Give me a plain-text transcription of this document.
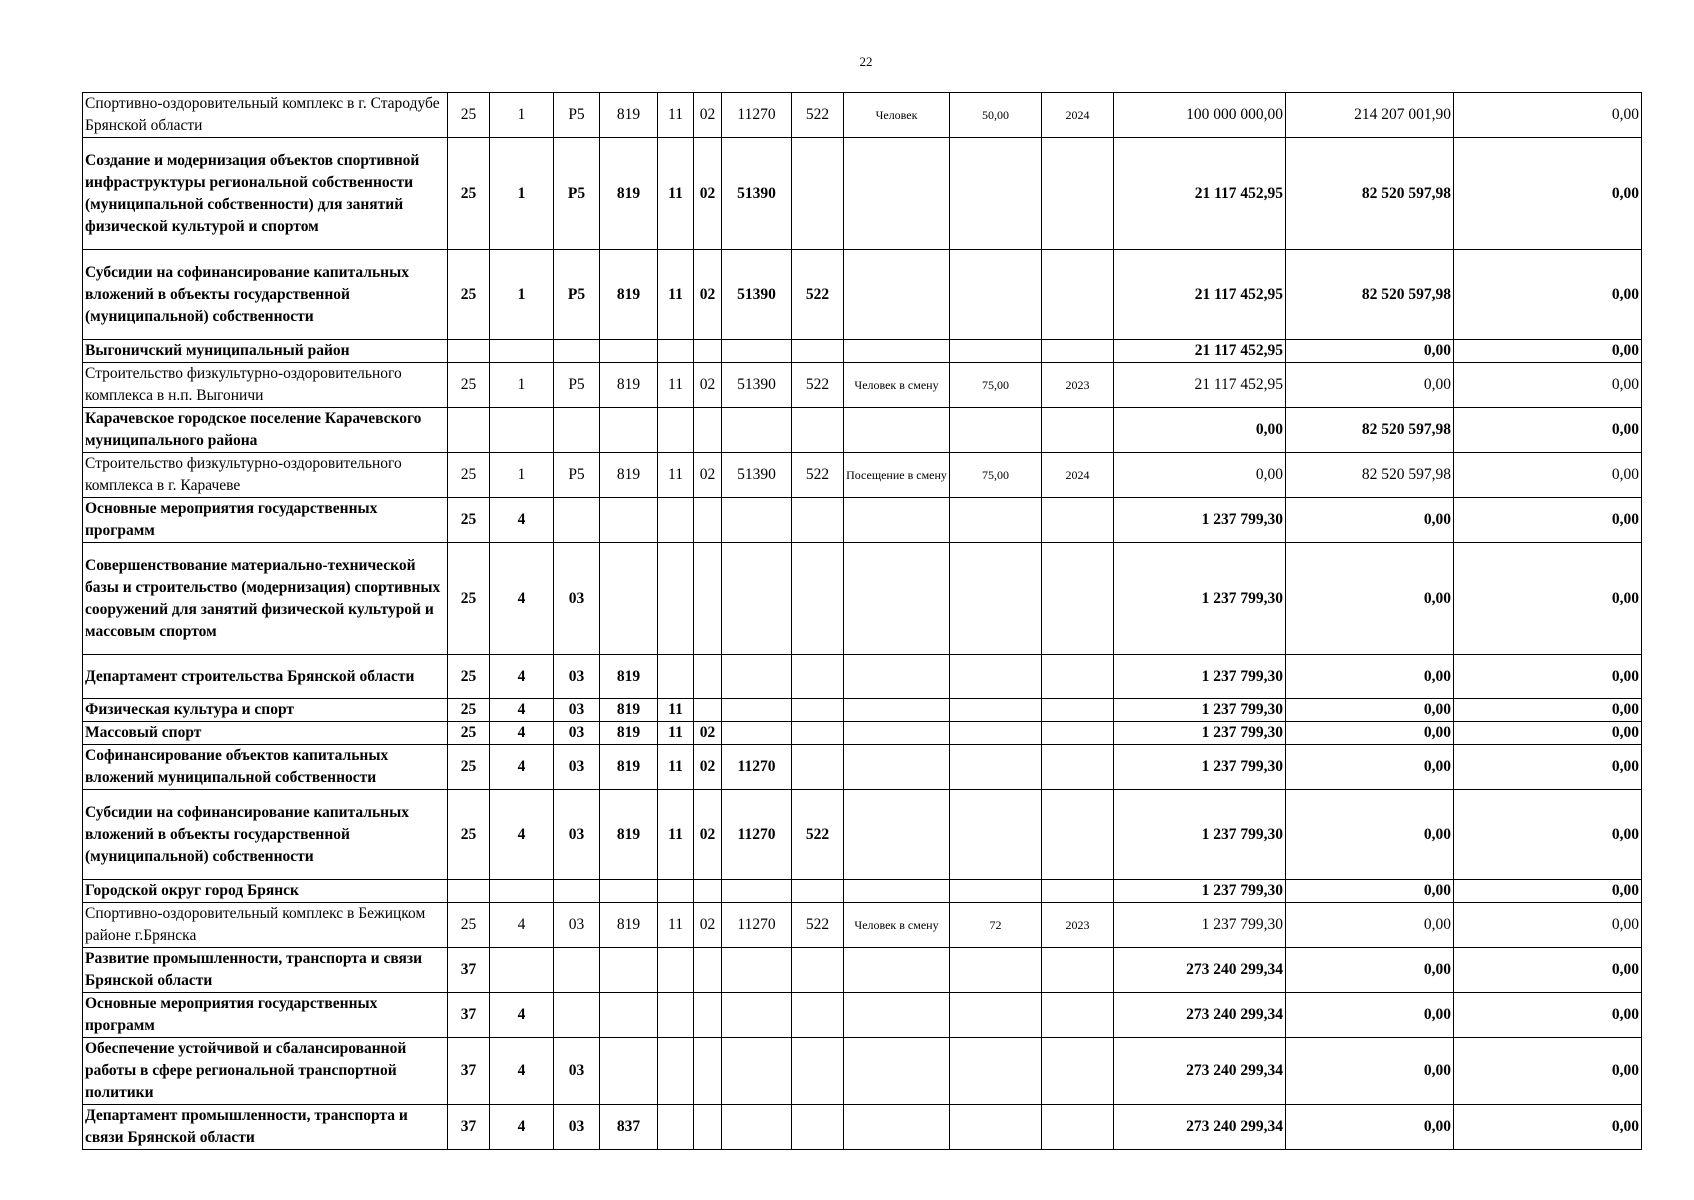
22
Спортивно-оздоровительный комплекс в г. Стародубе Брянской области	25	1	P5	819	11	02	11270	522	Человек	50,00	2024	100 000 000,00	214 207 001,90	0,00
Создание и модернизация объектов спортивной инфраструктуры региональной собственности (муниципальной собственности) для занятий физической культурой и спортом	25	1	P5	819	11	02	51390					21 117 452,95	82 520 597,98	0,00
Субсидии на софинансирование капитальных вложений в объекты государственной (муниципальной) собственности	25	1	P5	819	11	02	51390	522				21 117 452,95	82 520 597,98	0,00
Выгоничский муниципальный район												21 117 452,95	0,00	0,00
Строительство физкультурно-оздоровительного комплекса в н.п. Выгоничи	25	1	P5	819	11	02	51390	522	Человек в смену	75,00	2023	21 117 452,95	0,00	0,00
Карачевское городское поселение Карачевского муниципального района												0,00	82 520 597,98	0,00
Строительство физкультурно-оздоровительного комплекса в г. Карачеве	25	1	P5	819	11	02	51390	522	Посещение в смену	75,00	2024	0,00	82 520 597,98	0,00
Основные мероприятия государственных программ	25	4										1 237 799,30	0,00	0,00
Совершенствование материально-технической базы и строительство (модернизация) спортивных сооружений для занятий физической культурой и массовым спортом	25	4	03									1 237 799,30	0,00	0,00
Департамент строительства Брянской области	25	4	03	819								1 237 799,30	0,00	0,00
Физическая культура и спорт	25	4	03	819	11							1 237 799,30	0,00	0,00
Массовый спорт	25	4	03	819	11	02						1 237 799,30	0,00	0,00
Софинансирование объектов капитальных вложений муниципальной собственности	25	4	03	819	11	02	11270					1 237 799,30	0,00	0,00
Субсидии на софинансирование капитальных вложений в объекты государственной (муниципальной) собственности	25	4	03	819	11	02	11270	522				1 237 799,30	0,00	0,00
Городской округ город Брянск												1 237 799,30	0,00	0,00
Спортивно-оздоровительный комплекс в Бежицком районе г.Брянска	25	4	03	819	11	02	11270	522	Человек в смену	72	2023	1 237 799,30	0,00	0,00
Развитие промышленности, транспорта и связи Брянской области	37											273 240 299,34	0,00	0,00
Основные мероприятия государственных программ	37	4										273 240 299,34	0,00	0,00
Обеспечение устойчивой и сбалансированной работы в сфере региональной транспортной политики	37	4	03									273 240 299,34	0,00	0,00
Департамент промышленности, транспорта и связи Брянской области	37	4	03	837								273 240 299,34	0,00	0,00
